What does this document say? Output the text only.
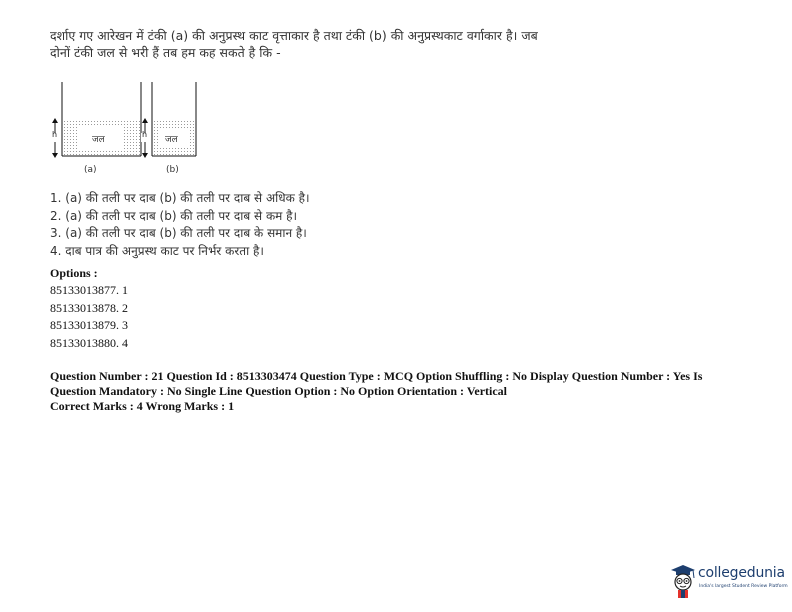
दर्शाए गए आरेखन में टंकी (a) की अनुप्रस्थ काट वृत्ताकार है तथा टंकी (b) की अनुप्रस्थकाट वर्गाकार है। जब

दोनों टंकी जल से भरी हैं तब हम कह सकते है कि -

h	h
जल	जल
(a)	(b)
1. (a) की तली पर दाब (b) की तली पर दाब से अधिक है।
2. (a) की तली पर दाब (b) की तली पर दाब से कम है।
3. (a) की तली पर दाब (b) की तली पर दाब के समान है।
4. दाब पात्र की अनुप्रस्थ काट पर निर्भर करता है।
Options :
85133013877. 1
85133013878. 2
85133013879. 3
85133013880. 4

Question Number : 21 Question Id : 8513303474 Question Type : MCQ Option Shuffling : No Display Question Number : Yes Is

Question Mandatory : No Single Line Question Option : No Option Orientation : Vertical

Correct Marks : 4 Wrong Marks : 1

collegedunia
India's largest Student Review Platform
